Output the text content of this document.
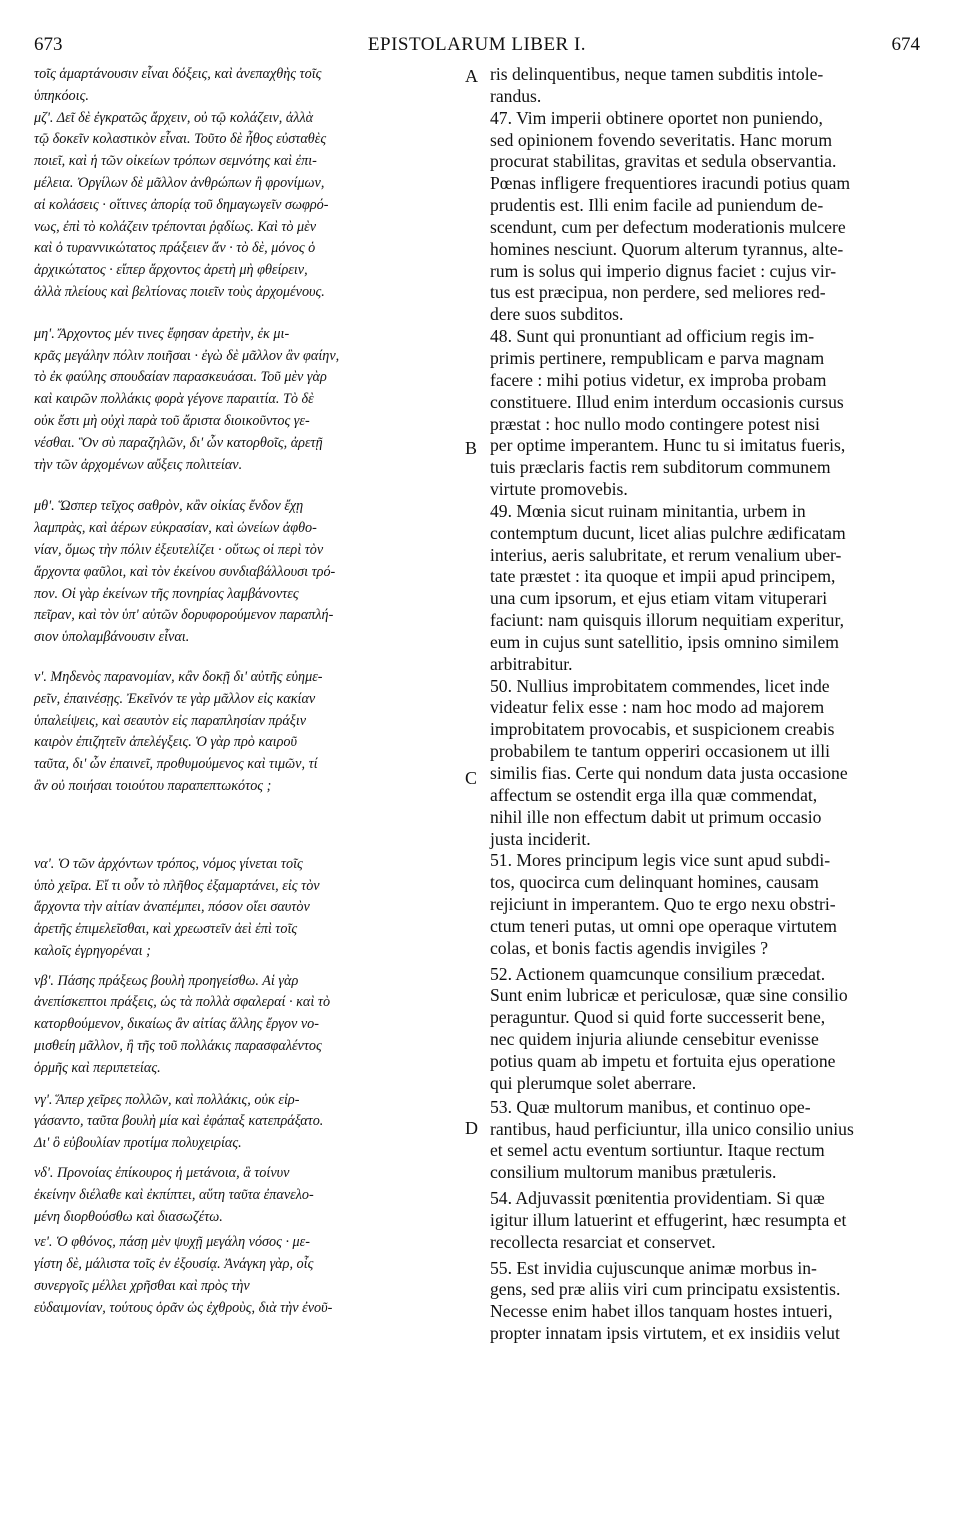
673	EPISTOLARUM LIBER I.	674
τοῖς ἁμαρτάνουσιν εἶναι δόξεις, καὶ ἀνεπαχθὴς τοῖς
ὑπηκόοις.
μζ'. Δεῖ δὲ ἐγκρατῶς ἄρχειν, οὐ τῷ κολάζειν, ἀλλὰ
τῷ δοκεῖν κολαστικὸν εἶναι. Τοῦτο δὲ ἦθος εὐσταθὲς
ποιεῖ, καὶ ἡ τῶν οἰκείων τρόπων σεμνότης καὶ ἐπι-
μέλεια. Ὀργίλων δὲ μᾶλλον ἀνθρώπων ἢ φρονίμων,
αἱ κολάσεις · οἵτινες ἀπορίᾳ τοῦ δημαγωγεῖν σωφρό-
νως, ἐπὶ τὸ κολάζειν τρέπονται ῥᾳδίως. Καὶ τὸ μὲν
καὶ ὁ τυραννικώτατος πράξειεν ἄν · τὸ δὲ, μόνος ὁ
ἀρχικώτατος · εἴπερ ἄρχοντος ἀρετὴ μὴ φθείρειν,
ἀλλὰ πλείους καὶ βελτίονας ποιεῖν τοὺς ἀρχομένους.
μη'. Ἄρχοντος μέν τινες ἔφησαν ἀρετὴν, ἐκ μι-
κρᾶς μεγάλην πόλιν ποιῆσαι · ἐγὼ δὲ μᾶλλον ἂν φαίην,
τὸ ἐκ φαύλης σπουδαίαν παρασκευάσαι. Τοῦ μὲν γὰρ
καὶ καιρῶν πολλάκις φορὰ γέγονε παραιτία. Τὸ δὲ
οὐκ ἔστι μὴ οὐχὶ παρὰ τοῦ ἄριστα διοικοῦντος γε-
νέσθαι. Ὃν σὺ παραζηλῶν, δι' ὧν κατορθοῖς, ἀρετῇ
τὴν τῶν ἀρχομένων αὔξεις πολιτείαν.
μθ'. Ὥσπερ τεῖχος σαθρὸν, κἂν οἰκίας ἔνδον ἔχῃ
λαμπρὰς, καὶ ἀέρων εὐκρασίαν, καὶ ὠνείων ἀφθο-
νίαν, ὅμως τὴν πόλιν ἐξευτελίζει · οὕτως οἱ περὶ τὸν
ἄρχοντα φαῦλοι, καὶ τὸν ἐκείνου συνδιαβάλλουσι τρό-
πον. Οἱ γὰρ ἐκείνων τῆς πονηρίας λαμβάνοντες
πεῖραν, καὶ τὸν ὑπ' αὐτῶν δορυφορούμενον παραπλή-
σιον ὑπολαμβάνουσιν εἶναι.
ν'. Μηδενὸς παρανομίαν, κἂν δοκῇ δι' αὐτῆς εὐημε-
ρεῖν, ἐπαινέσῃς. Ἐκεῖνόν τε γὰρ μᾶλλον εἰς κακίαν
ὑπαλείψεις, καὶ σεαυτὸν εἰς παραπλησίαν πράξιν
καιρὸν ἐπιζητεῖν ἀπελέγξεις. Ὁ γὰρ πρὸ καιροῦ
ταῦτα, δι' ὧν ἐπαινεῖ, προθυμούμενος καὶ τιμῶν, τί
ἂν οὐ ποιήσαι τοιούτου παραπεπτωκότος ;
να'. Ὁ τῶν ἀρχόντων τρόπος, νόμος γίνεται τοῖς
ὑπὸ χεῖρα. Εἴ τι οὖν τὸ πλῆθος ἐξαμαρτάνει, εἰς τὸν
ἄρχοντα τὴν αἰτίαν ἀναπέμπει, πόσον οἴει σαυτὸν
ἀρετῆς ἐπιμελεῖσθαι, καὶ χρεωστεῖν ἀεὶ ἐπὶ τοῖς
καλοῖς ἐγρηγορέναι ;
νβ'. Πάσης πράξεως βουλὴ προηγείσθω. Αἱ γὰρ
ἀνεπίσκεπτοι πράξεις, ὡς τὰ πολλὰ σφαλεραί · καὶ τὸ
κατορθούμενον, δικαίως ἂν αἰτίας ἄλλης ἔργον νο-
μισθείη μᾶλλον, ἢ τῆς τοῦ πολλάκις παρασφαλέντος
ὁρμῆς καὶ περιπετείας.
νγ'. Ἅπερ χεῖρες πολλῶν, καὶ πολλάκις, οὐκ εἰρ-
γάσαντο, ταῦτα βουλὴ μία καὶ ἐφάπαξ κατεπράξατο.
Δι' ὃ εὐβουλίαν προτίμα πολυχειρίας.
νδ'. Προνοίας ἐπίκουρος ἡ μετάνοια, ἃ τοίνυν
ἐκείνην διέλαθε καὶ ἐκπίπτει, αὕτη ταῦτα ἐπανελο-
μένη διορθούσθω καὶ διασωζέτω.
νε'. Ὁ φθόνος, πάσῃ μὲν ψυχῇ μεγάλη νόσος · με-
γίστη δὲ, μάλιστα τοῖς ἐν ἐξουσίᾳ. Ἀνάγκη γὰρ, οἷς
συνεργοῖς μέλλει χρῆσθαι καὶ πρὸς τὴν
εὐδαιμονίαν, τούτους ὁρᾶν ὡς ἐχθροὺς, διὰ τὴν ἐνοῦ-
ris delinquentibus, neque tamen subditis intole-
randus.
47. Vim imperii obtinere oportet non puniendo,
sed opinionem fovendo severitatis. Hanc morum
procurat stabilitas, gravitas et sedula observantia.
Pœnas infligere frequentiores iracundi potius quam
prudentis est. Illi enim facile ad puniendum de-
scendunt, cum per defectum moderationis mulcere
homines nesciunt. Quorum alterum tyrannus, alte-
rum is solus qui imperio dignus faciet : cujus vir-
tus est præcipua, non perdere, sed meliores red-
dere suos subditos.
48. Sunt qui pronuntiant ad officium regis im-
primis pertinere, rempublicam e parva magnam
facere : mihi potius videtur, ex improba probam
constituere. Illud enim interdum occasionis cursus
præstat : hoc nullo modo contingere potest nisi
per optime imperantem. Hunc tu si imitatus fueris,
tuis præclaris factis rem subditorum communem
virtute promovebis.
49. Mœnia sicut ruinam minitantia, urbem in
contemptum ducunt, licet alias pulchre ædificatam
interius, aeris salubritate, et rerum venalium uber-
tate præstet : ita quoque et impii apud principem,
una cum ipsorum, et ejus etiam vitam vituperari
faciunt: nam quisquis illorum nequitiam experitur,
eum in cujus sunt satellitio, ipsis omnino similem
arbitrabitur.
50. Nullius improbitatem commendes, licet inde
videatur felix esse : nam hoc modo ad majorem
improbitatem provocabis, et suspicionem creabis
probabilem te tantum opperiri occasionem ut illi
similis fias. Certe qui nondum data justa occasione
affectum se ostendit erga illa quæ commendat,
nihil ille non effectum dabit ut primum occasio
justa inciderit.
51. Mores principum legis vice sunt apud subdi-
tos, quocirca cum delinquant homines, causam
rejiciunt in imperantem. Quo te ergo nexu obstri-
ctum teneri putas, ut omni ope operaque virtutem
colas, et bonis factis agendis invigiles ?
52. Actionem quamcunque consilium præcedat.
Sunt enim lubricæ et periculosæ, quæ sine consilio
peraguntur. Quod si quid forte successerit bene,
nec quidem injuria aliunde censebitur evenisse
potius quam ab impetu et fortuita ejus operatione
qui plerumque solet aberrare.
53. Quæ multorum manibus, et continuo ope-
rantibus, haud perficiuntur, illa unico consilio unius
et semel actu eventum sortiuntur. Itaque rectum
consilium multorum manibus prætuleris.
54. Adjuvassit pœnitentia providentiam. Si quæ
igitur illum latuerint et effugerint, hæc resumpta et
recollecta resarciat et conservet.
55. Est invidia cujuscunque animæ morbus in-
gens, sed præ aliis viri cum principatu exsistentis.
Necesse enim habet illos tanquam hostes intueri,
propter innatam ipsis virtutem, et ex insidiis velut
A
B
C
D
